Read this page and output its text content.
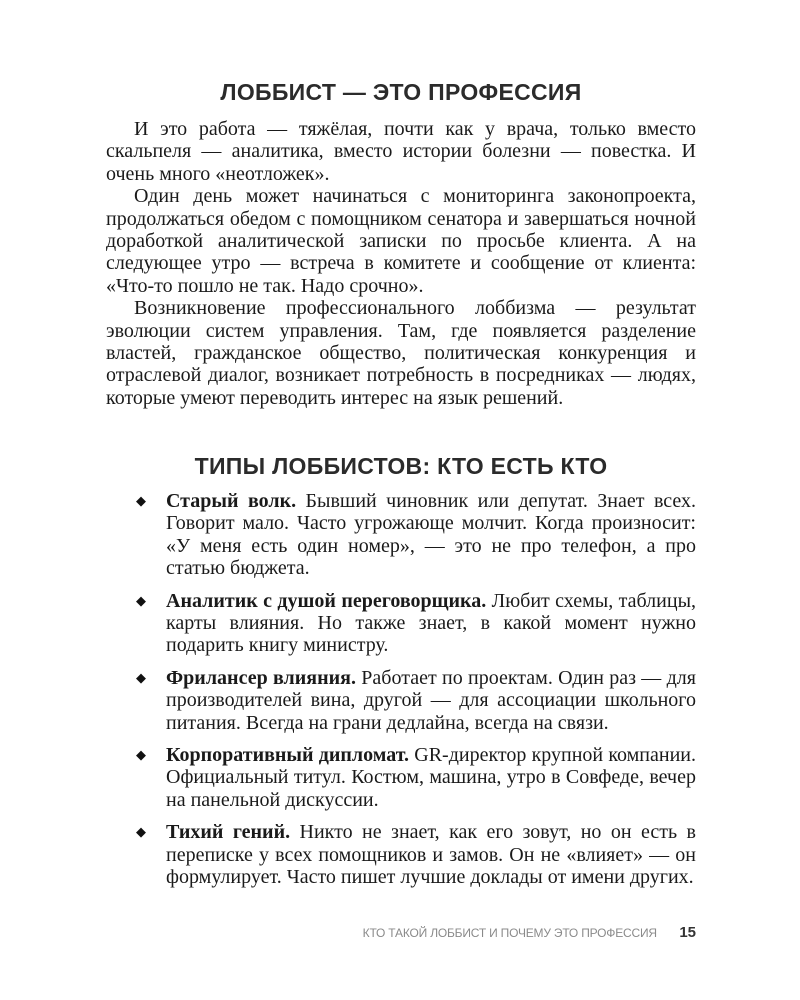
ЛОББИСТ — ЭТО ПРОФЕССИЯ

И это работа — тяжёлая, почти как у врача, только вместо скальпеля — аналитика, вместо истории болезни — повестка. И очень много «неотложек».

Один день может начинаться с мониторинга законопроекта, продолжаться обедом с помощником сенатора и завершаться ночной доработкой аналитической записки по просьбе клиента. А на следующее утро — встреча в комитете и сообщение от клиента: «Что-то пошло не так. Надо срочно».

Возникновение профессионального лоббизма — результат эволюции систем управления. Там, где появляется разделение властей, гражданское общество, политическая конкуренция и отраслевой диалог, возникает потребность в посредниках — людях, которые умеют переводить интерес на язык решений.

ТИПЫ ЛОББИСТОВ: КТО ЕСТЬ КТО
◆ Старый волк. Бывший чиновник или депутат. Знает всех. Говорит мало. Часто угрожающе молчит. Когда произносит: «У меня есть один номер», — это не про телефон, а про статью бюджета.
◆ Аналитик с душой переговорщика. Любит схемы, таблицы, карты влияния. Но также знает, в какой момент нужно подарить книгу министру.
◆ Фрилансер влияния. Работает по проектам. Один раз — для производителей вина, другой — для ассоциации школьного питания. Всегда на грани дедлайна, всегда на связи.
◆ Корпоративный дипломат. GR-директор крупной компании. Официальный титул. Костюм, машина, утро в Совфеде, вечер на панельной дискуссии.
◆ Тихий гений. Никто не знает, как его зовут, но он есть в переписке у всех помощников и замов. Он не «влияет» — он формулирует. Часто пишет лучшие доклады от имени других.
КТО ТАКОЙ ЛОББИСТ И ПОЧЕМУ ЭТО ПРОФЕССИЯ 15
